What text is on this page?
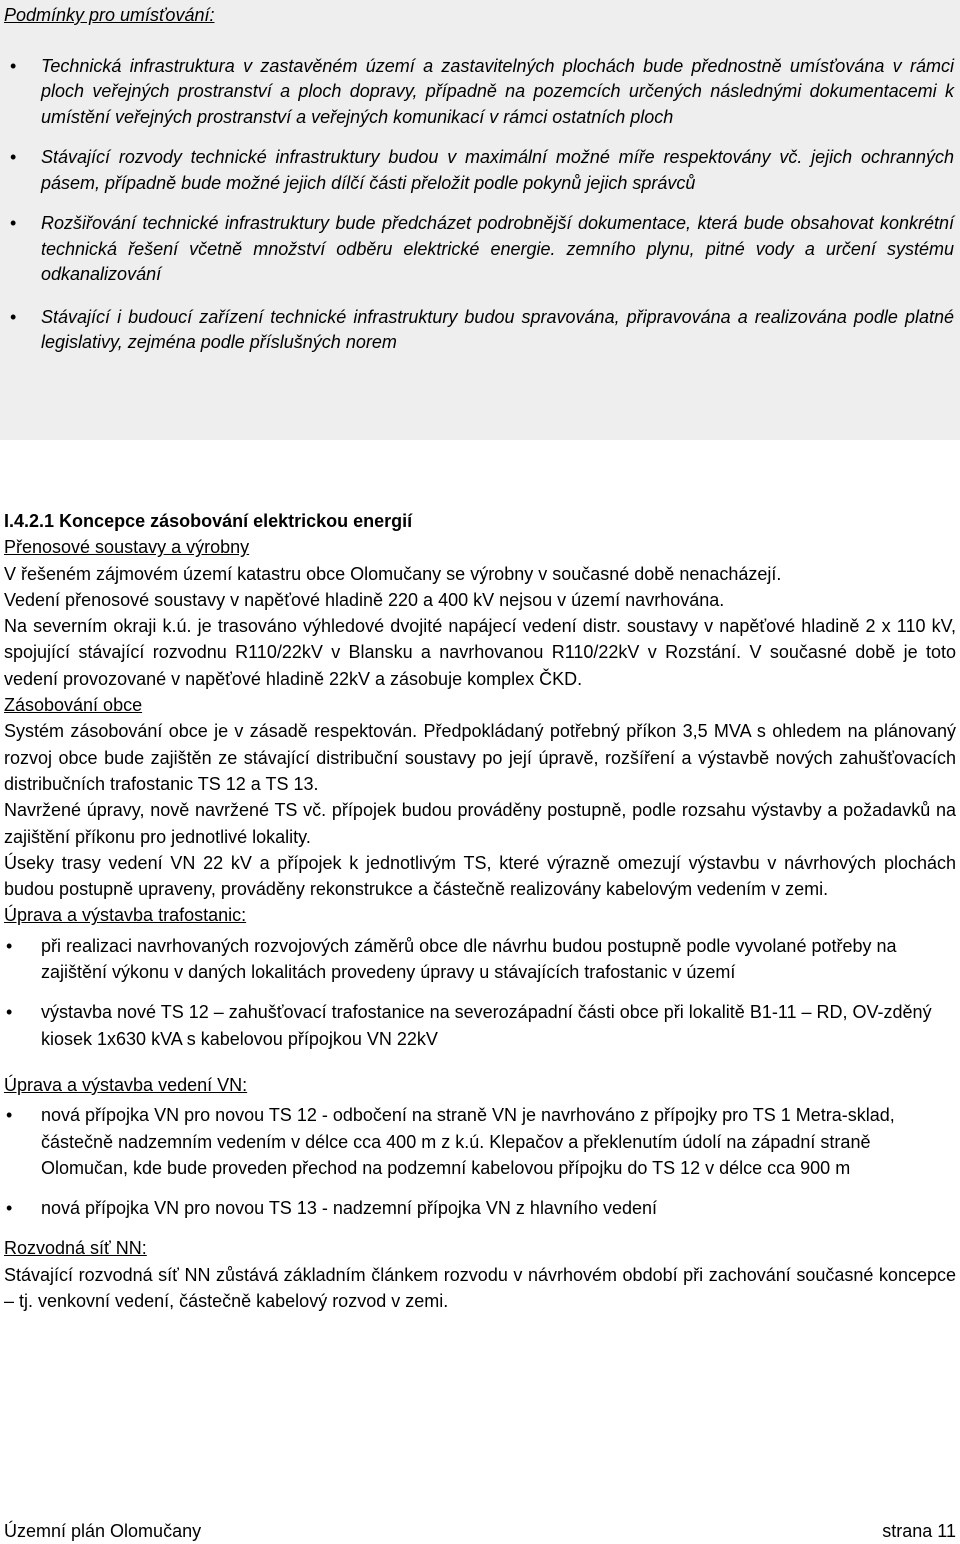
Podmínky pro umísťování:

• Technická infrastruktura v zastavěném území a zastavitelných plochách bude přednostně umísťována v rámci ploch veřejných prostranství a ploch dopravy, případně na pozemcích určených následnými dokumentacemi k umístění veřejných prostranství a veřejných komunikací v rámci ostatních ploch
• Stávající rozvody technické infrastruktury budou v maximální možné míře respektovány vč. jejich ochranných pásem, případně bude možné jejich dílčí části přeložit podle pokynů jejich správců
• Rozšiřování technické infrastruktury bude předcházet podrobnější dokumentace, která bude obsahovat konkrétní technická řešení včetně množství odběru elektrické energie. zemního plynu, pitné vody a určení systému odkanalizování
• Stávající i budoucí zařízení technické infrastruktury budou spravována, připravována a realizována podle platné legislativy, zejména podle příslušných norem

I.4.2.1 Koncepce zásobování elektrickou energií

Přenosové soustavy a výrobny

V řešeném zájmovém území katastru obce Olomučany se výrobny v současné době nenacházejí.

Vedení přenosové soustavy v napěťové hladině 220 a 400 kV nejsou v území navrhována.

Na severním okraji k.ú. je trasováno výhledové dvojité napájecí vedení distr. soustavy v napěťové hladině 2 x 110 kV, spojující stávající rozvodnu R110/22kV v Blansku a navrhovanou R110/22kV v Rozstání. V současné době je toto vedení provozované v napěťové hladině 22kV a zásobuje komplex ČKD.

Zásobování obce

Systém zásobování obce je v zásadě respektován. Předpokládaný potřebný příkon 3,5 MVA s ohledem na plánovaný rozvoj obce bude zajištěn ze stávající distribuční soustavy po její úpravě, rozšíření a výstavbě nových zahušťovacích distribučních trafostanic TS 12 a TS 13.

Navržené úpravy, nově navržené TS vč. přípojek budou prováděny postupně, podle rozsahu výstavby a požadavků na zajištění příkonu pro jednotlivé lokality.

Úseky trasy vedení VN 22 kV a přípojek k jednotlivým TS, které výrazně omezují výstavbu v návrhových plochách budou postupně upraveny, prováděny rekonstrukce a částečně realizovány kabelovým vedením v zemi.

Úprava a výstavba trafostanic:

• při realizaci navrhovaných rozvojových záměrů obce dle návrhu budou postupně podle vyvolané potřeby na zajištění výkonu v daných lokalitách provedeny úpravy u stávajících trafostanic v území
• výstavba nové TS 12 – zahušťovací trafostanice na severozápadní části obce při lokalitě B1-11 – RD, OV-zděný kiosek 1x630 kVA s kabelovou přípojkou VN 22kV

Úprava a výstavba vedení VN:

• nová přípojka VN pro novou TS 12 - odbočení na straně VN je navrhováno z přípojky pro TS 1 Metra-sklad, částečně nadzemním vedením v délce cca 400 m z k.ú. Klepačov a překlenutím údolí na západní straně Olomučan, kde bude proveden přechod na podzemní kabelovou přípojku do TS 12 v délce cca 900 m
• nová přípojka VN pro novou TS 13 - nadzemní přípojka VN z hlavního vedení

Rozvodná síť NN:

Stávající rozvodná síť NN zůstává základním článkem rozvodu v návrhovém období při zachování současné koncepce – tj. venkovní vedení, částečně kabelový rozvod v zemi.

Územní plán Olomučany	strana 11
